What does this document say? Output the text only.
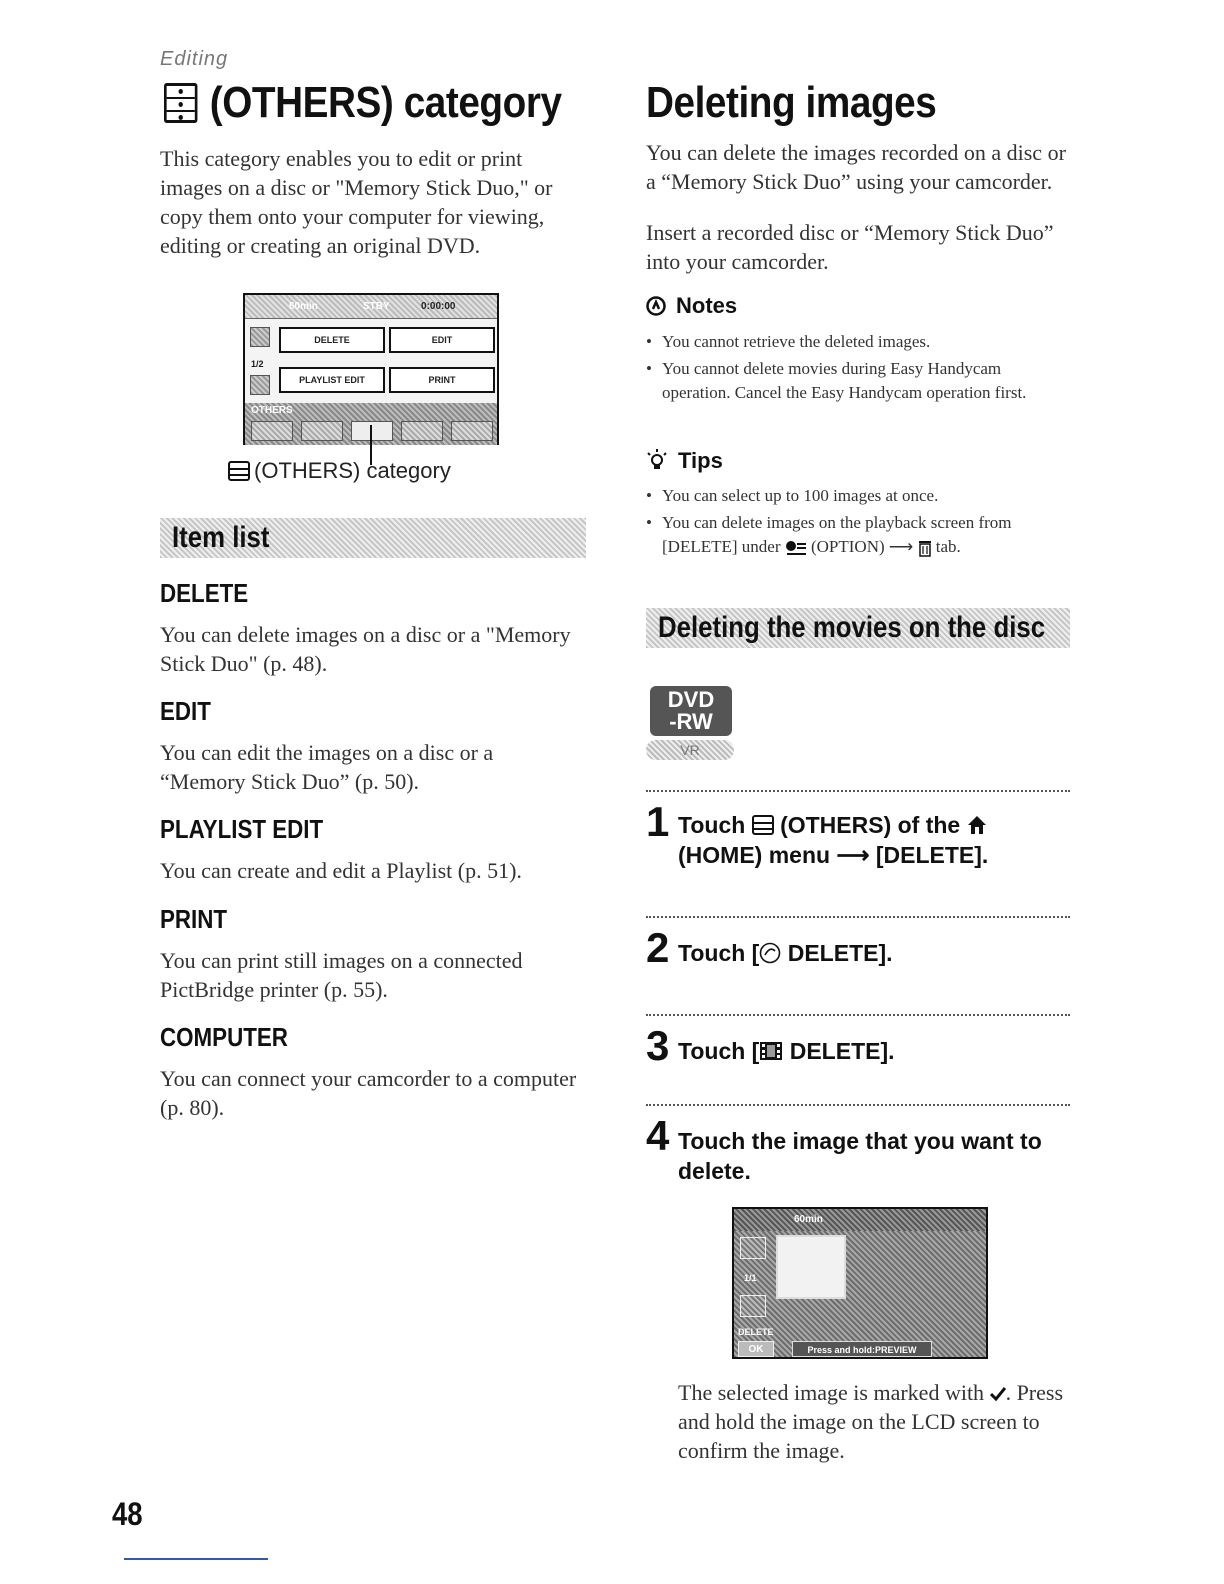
Editing
(OTHERS) category Deleting images
This category enables you to edit or print images on a disc or "Memory Stick Duo," or copy them onto your computer for viewing, editing or creating an original DVD.
60min	STBY	0:00:00
1/2
DELETE	EDIT
PLAYLIST EDIT	PRINT
OTHERS
(OTHERS) category
Item list
DELETE
You can delete images on a disc or a "Memory Stick Duo" (p. 48).
EDIT
You can edit the images on a disc or a “Memory Stick Duo” (p. 50).
PLAYLIST EDIT
You can create and edit a Playlist (p. 51).
PRINT
You can print still images on a connected PictBridge printer (p. 55).
COMPUTER
You can connect your camcorder to a computer (p. 80).
You can delete the images recorded on a disc or a “Memory Stick Duo” using your camcorder.
Insert a recorded disc or “Memory Stick Duo” into your camcorder.
Notes
• You cannot retrieve the deleted images.
• You cannot delete movies during Easy Handycam operation. Cancel the Easy Handycam operation first.
Tips
• You can select up to 100 images at once.
• You can delete images on the playback screen from [DELETE] under (OPTION) ⟶ tab.
Deleting the movies on the disc
DVD
-RW
VR
1 Touch (OTHERS) of the
(HOME) menu ⟶ [DELETE].
2 Touch [ DELETE].
3 Touch [ DELETE].
4 Touch the image that you want to delete.
60min
1/1
DELETE
OK	Press and hold:PREVIEW
The selected image is marked with . Press and hold the image on the LCD screen to confirm the image.
48
